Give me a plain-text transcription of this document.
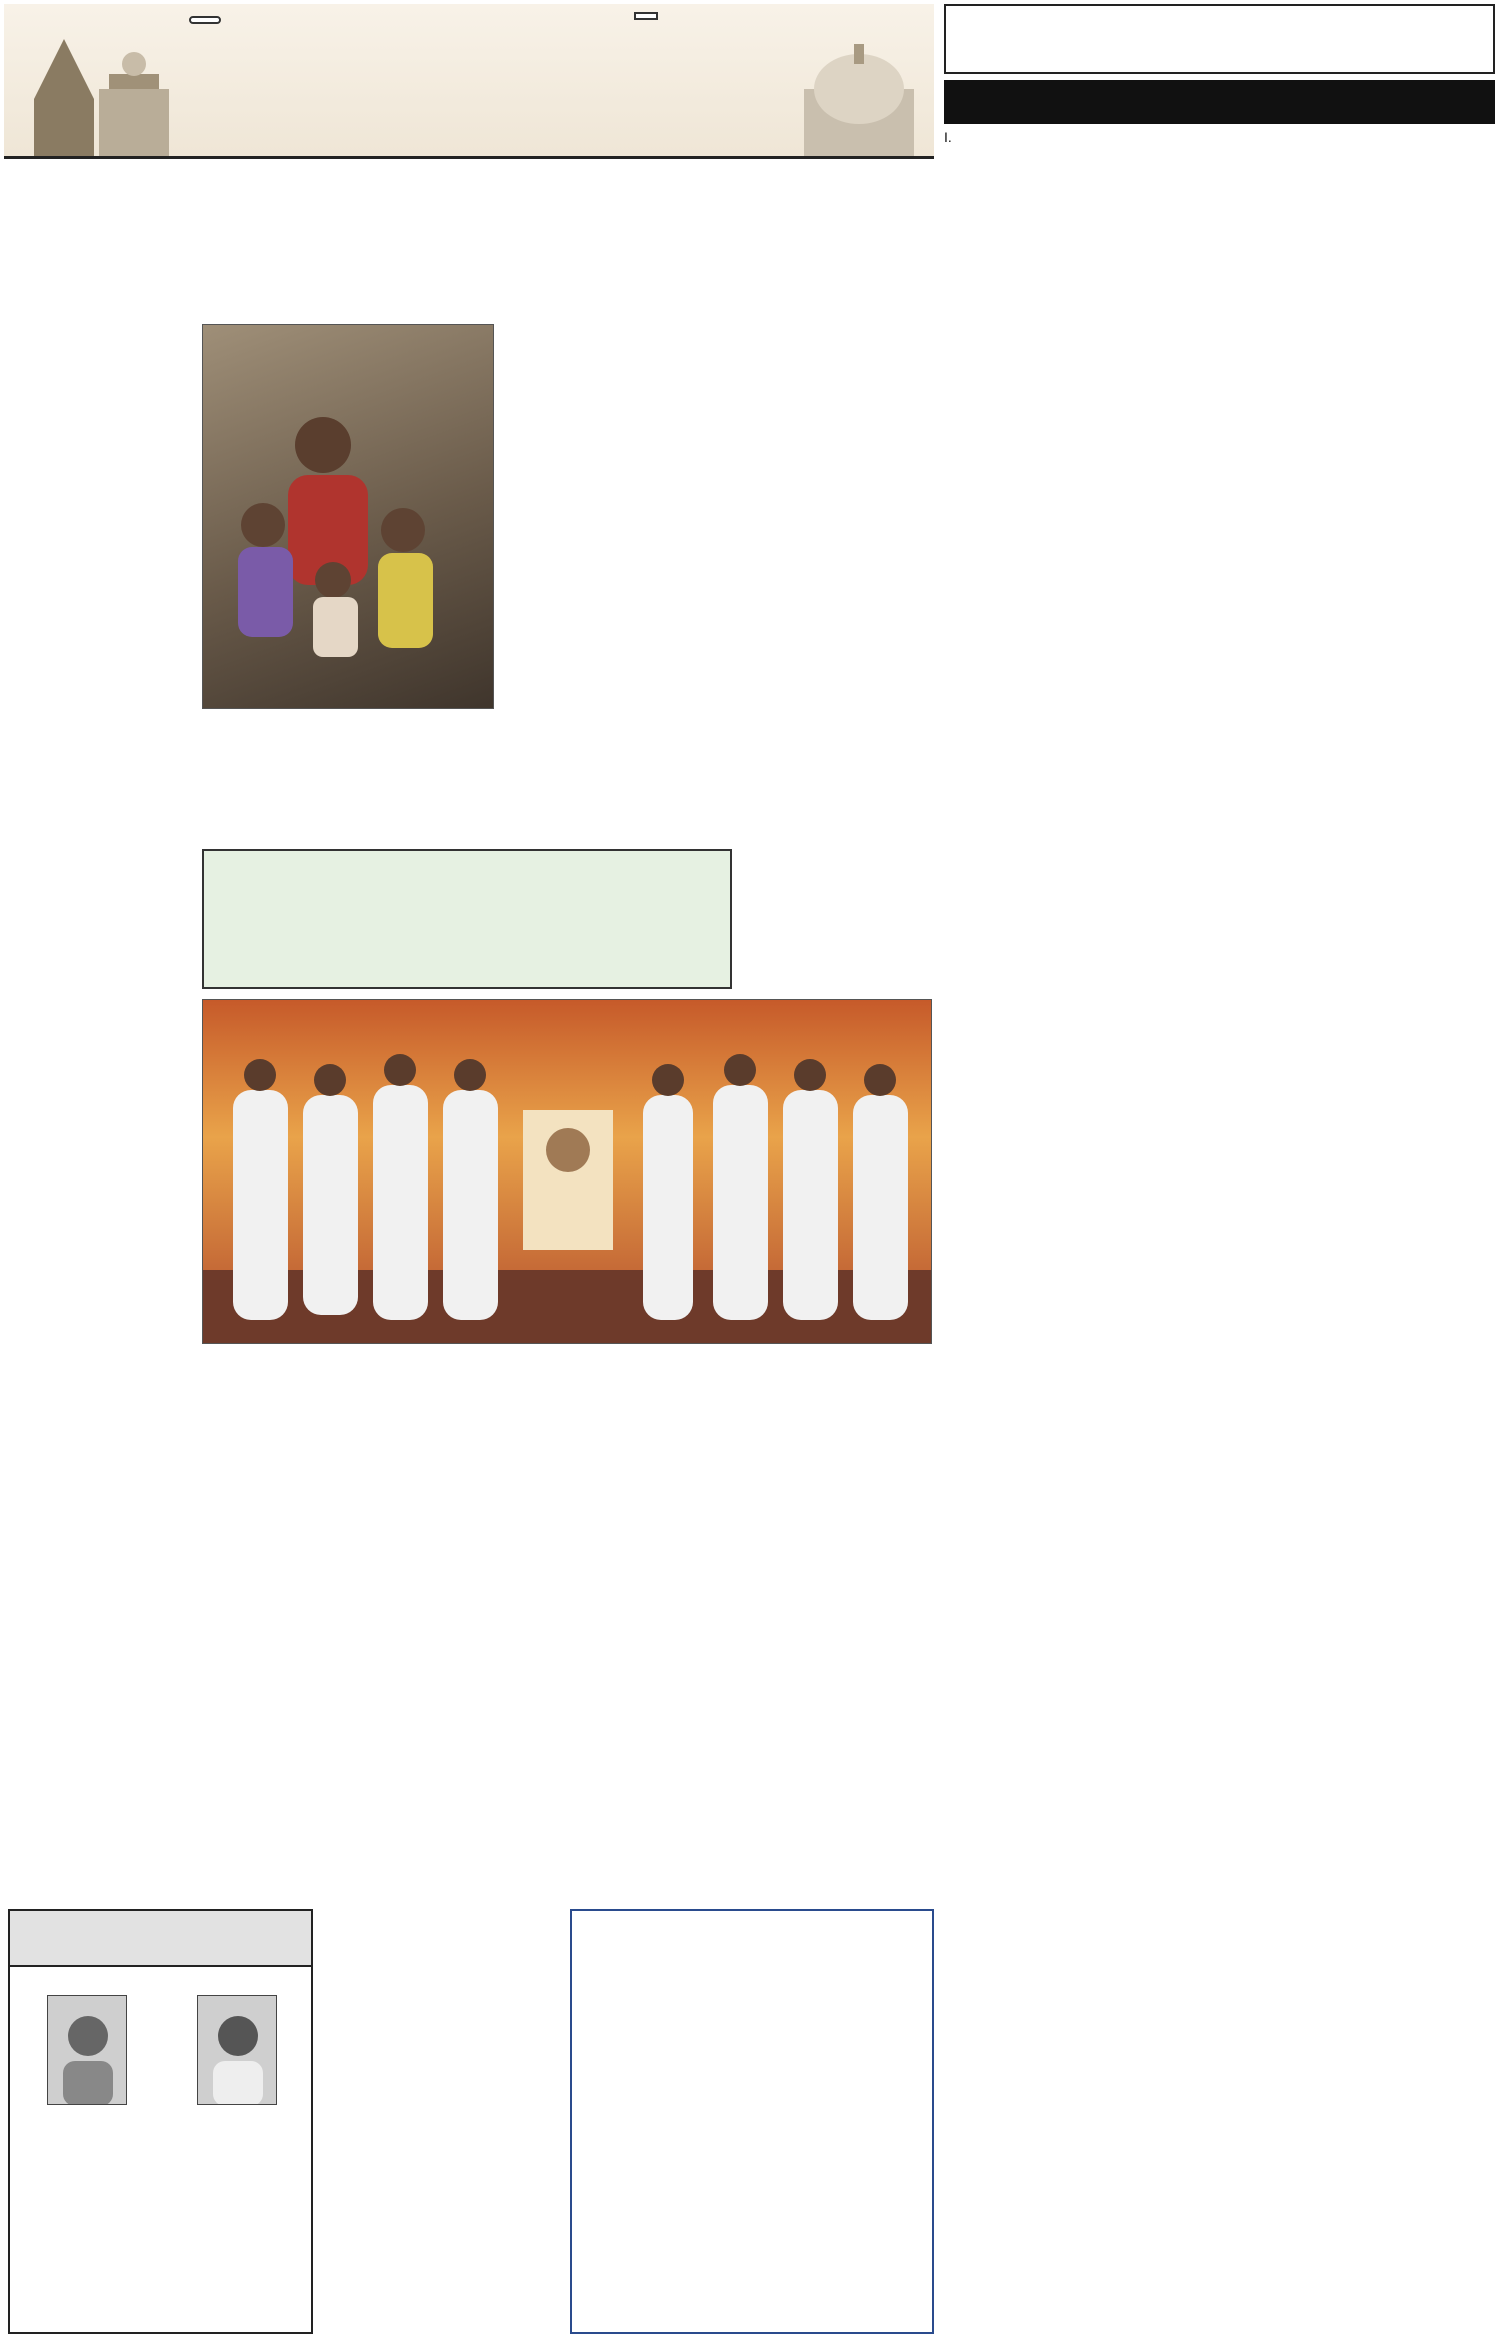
I.
